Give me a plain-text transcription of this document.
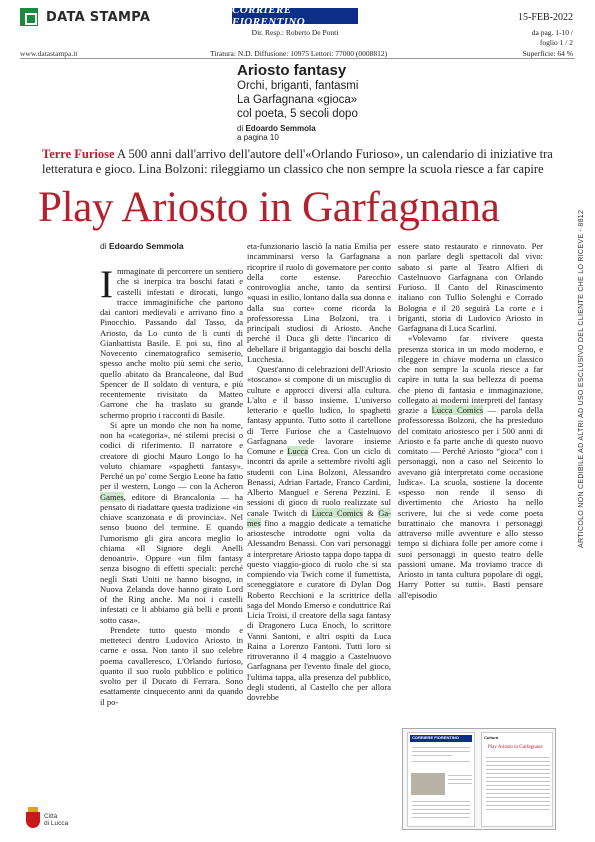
DATA STAMPA
www.datastampa.it
CORRIERE FIORENTINO
Dir. Resp.: Roberto De Ponti
Tiratura: N.D. Diffusione: 10975 Lettori: 77000 (0008812)
15-FEB-2022
da pag. 1-10 /
foglio 1 / 2
Superficie: 64 %
Ariosto fantasy
Orchi, briganti, fantasmi
La Garfagnana «gioca»
col poeta, 5 secoli dopo
di Edoardo Semmola
a pagina 10
Terre Furiose A 500 anni dall'arrivo dell'autore dell'«Orlando Furioso», un calendario di iniziative tra letteratura e gioco. Lina Bolzoni: rileggiamo un classico che non sempre la scuola riesce a far capire
Play Ariosto in Garfagnana
di Edoardo Semmola

Immaginate di percorrere un sentiero che si inerpica tra boschi fatati e castelli infestati e dirocati, lungo tracce immaginifiche che partono dai cantori medievali e arrivano fino a Pinocchio. Passando dal Tasso, da Ariosto, da Lo cunto de li cunti di Gianbattista Basile. E poi su, fino al Novecento cinematografico semiserio, spesso anche molto più semi che serio, quello abitato da Brancaleone, dal Bud Spencer de Il soldato di ventura, e più recentemente rivisitato da Matteo Garrone che ha traslato su grande schermo proprio i racconti di Basile.

Si apre un mondo che non ha nome, non ha «categoria», né stilemi precisi o codici di riferimento. Il narratore e creatore di giochi Mauro Longo lo ha voluto chiamare «spaghetti fantasy». Perché un po' come Sergio Leone ha fatto per il western, Longo — con la Acheron Games, editore di Brancalonia — ha pensato di riadattare questa tradizione «in chiave scanzonata e di provincia». Nel senso buono del termine. E quando l'umorismo gli gira ancora meglio lo chiama «Il Signore degli Anelli denoantri». Oppure «un film fantasy senza bisogno di effetti speciali: perché negli Stati Uniti ne hanno bisogno, in Nuova Zelanda dove hanno girato Lord of the Ring anche. Ma noi i castelli infestati ce li abbiamo già belli e pronti sotto casa».

Prendete tutto questo mondo e metteteci dentro Ludovico Ariosto in carne e ossa. Non tanto il suo celebre poema cavalleresco, L'Orlando furioso, quanto il suo ruolo pubblico e politico svolto per il Ducato di Ferrara. Sono esattamente cinquecento anni da quando il po-

eta-funzionario lasciò la natia Emilia per incamminarsi verso la Garfagnana a ricoprire il ruolo di governatore per conto della corte estense. Parecchio controvoglia anche, tanto da sentirsi «quasi in esilio, lontano dalla sua donna e dalla sua corte» come ricorda la professoressa Lina Bolzoni, tra i principali studiosi di Ariosto. Anche perché il Duca gli dette l'incarico di debellare il brigantaggio dai boschi della Lucchesia.

Quest'anno di celebrazioni dell'Ariosto «toscano» si compone di un miscuglio di culture e approcci diversi alla cultura. L'alto e il basso insieme. L'universo letterario e quello ludico, lo spaghetti fantasy appunto. Tutto sotto il cartellone di Terre Furiose che a Castelnuovo Garfagnana vede lavorare insieme Comune e Lucca Crea. Con un ciclo di incontri da aprile a settembre rivolti agli studenti con Lina Bolzoni, Alessandro Benassi, Adrian Fartade, Franco Cardini, Alberto Manguel e Serena Pezzini. E sessioni di gioco di ruolo realizzate sul canale Twitch di Lucca Comics & Ga-mes fino a maggio dedicate a tematiche ariostesche introdotte ogni volta da Alessandro Benassi. Con vari personaggi a interpretare Ariosto tappa dopo tappa di questo viaggio-gioco di ruolo che si sta compiendo via Twich come il fumettista, sceneggiatore e curatore di Dylan Dog Roberto Recchioni e la scrittrice della saga del Mondo Emerso e conduttrice Rai Licia Troisi, il creatore della saga fantasy di Dragonero Luca Enoch, lo scrittore Vanni Santoni, e altri ospiti da Luca Raina a Lorenzo Fantoni. Tutti loro si ritroveranno il 4 maggio a Castelnuovo Garfagnana per l'evento finale del gioco, l'ultima tappa, alla presenza del pubblico, degli studenti, al Castello che per allora dovrebbe

essere stato restaurato e rinnovato. Per non parlare degli spettacoli dal vivo: sabato si parte al Teatro Alfieri di Castelnuovo Garfagnana con Orlando Furioso. Il Canto del Rinascimento italiano con Tullio Solenghi e Corrado Bologna e il 20 seguirà La corte e i briganti, storia di Ludovico Ariosto in Garfagnana di Luca Scarlini.

«Volevamo far rivivere questa presenza storica in un modo moderno, e rileggere in chiave moderna un classico che non sempre la scuola riesce a far capire in tutta la sua bellezza di poema che pieno di fantasia e immaginazione, collegato ai moderni interpreti del fantasy grazie a Lucca Comics — parola della professoressa Bolzoni, che ha presieduto del comitato ariostesco per i 500 anni di Ariosto e fa parte anche di questo nuovo comitato — Perché Ariosto “gioca” con i personaggi, non a caso nel Seicento lo avevano già interpretato come occasione ludica». La scuola, sostiene la docente «spesso non rende il senso di divertimento che Ariosto ha nello scrivere, lui che si vede come poeta burattinaio che manovra i personaggi attraverso mille avventure e allo stesso tempo si dichiara folle per amore come i suoi personaggi in questo teatro delle passioni umane. Ma troviamo tracce di Ariosto in tanta cultura popolare di oggi, Harry Potter su tutti». Basti pensare all'episodio

ARTICOLO NON CEDIBILE AD ALTRI AD USO ESCLUSIVO DEL CLIENTE CHE LO RICEVE - 8812
CORRIERE FIORENTINO	Cultura
Play Ariosto in Garfagnana
Città
di Lucca
